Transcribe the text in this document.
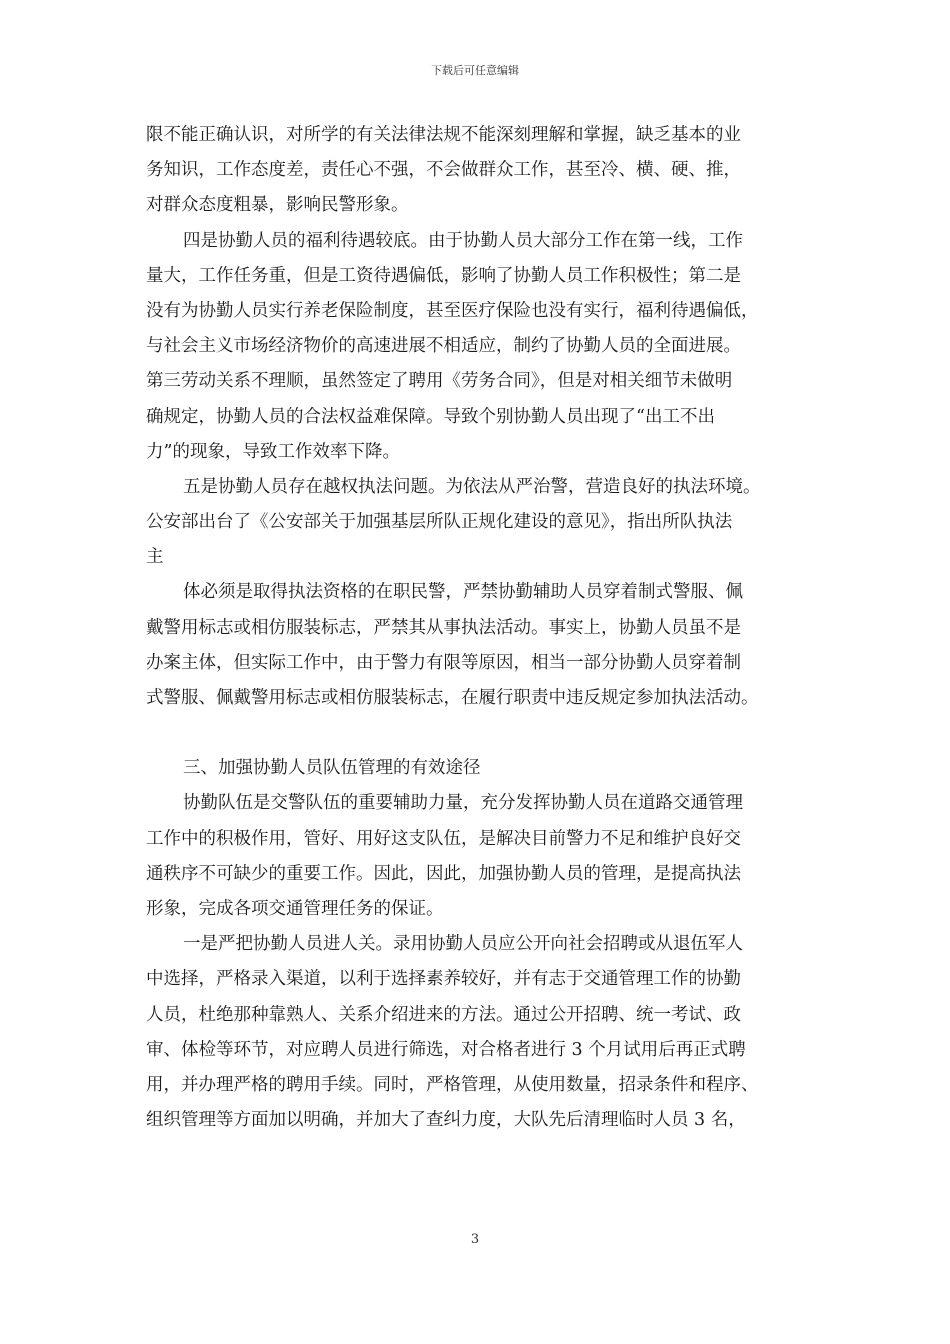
下载后可任意编辑
限不能正确认识，对所学的有关法律法规不能深刻理解和掌握，缺乏基本的业
务知识，工作态度差，责任心不强，不会做群众工作，甚至冷、横、硬、推，
对群众态度粗暴，影响民警形象。
四是协勤人员的福利待遇较底。由于协勤人员大部分工作在第一线，工作
量大，工作任务重，但是工资待遇偏低，影响了协勤人员工作积极性；第二是
没有为协勤人员实行养老保险制度，甚至医疗保险也没有实行，福利待遇偏低，
与社会主义市场经济物价的高速进展不相适应，制约了协勤人员的全面进展。
第三劳动关系不理顺，虽然签定了聘用《劳务合同》，但是对相关细节未做明
确规定，协勤人员的合法权益难保障。导致个别协勤人员出现了“出工不出
力”的现象，导致工作效率下降。
五是协勤人员存在越权执法问题。为依法从严治警，营造良好的执法环境。
公安部出台了《公安部关于加强基层所队正规化建设的意见》，指出所队执法
主
体必须是取得执法资格的在职民警，严禁协勤辅助人员穿着制式警服、佩
戴警用标志或相仿服装标志，严禁其从事执法活动。事实上，协勤人员虽不是
办案主体，但实际工作中，由于警力有限等原因，相当一部分协勤人员穿着制
式警服、佩戴警用标志或相仿服装标志，在履行职责中违反规定参加执法活动。
三、加强协勤人员队伍管理的有效途径
协勤队伍是交警队伍的重要辅助力量，充分发挥协勤人员在道路交通管理
工作中的积极作用，管好、用好这支队伍，是解决目前警力不足和维护良好交
通秩序不可缺少的重要工作。因此，因此，加强协勤人员的管理，是提高执法
形象，完成各项交通管理任务的保证。
一是严把协勤人员进人关。录用协勤人员应公开向社会招聘或从退伍军人
中选择，严格录入渠道，以利于选择素养较好，并有志于交通管理工作的协勤
人员，杜绝那种靠熟人、关系介绍进来的方法。通过公开招聘、统一考试、政
审、体检等环节，对应聘人员进行筛选，对合格者进行 3 个月试用后再正式聘
用，并办理严格的聘用手续。同时，严格管理，从使用数量，招录条件和程序、
组织管理等方面加以明确，并加大了查纠力度，大队先后清理临时人员 3 名，
3
